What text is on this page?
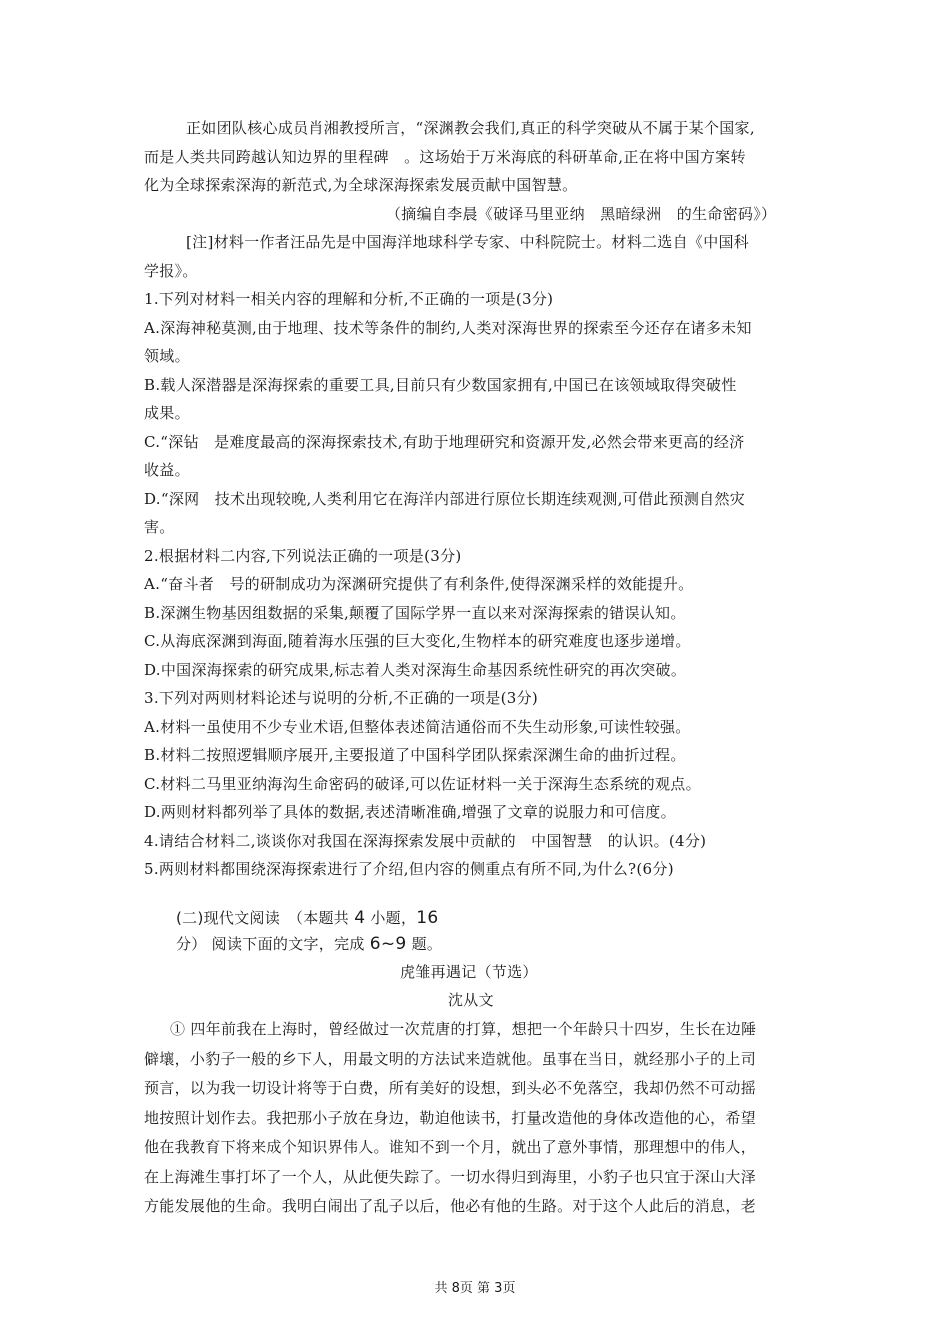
正如团队核心成员肖湘教授所言，“深渊教会我们,真正的科学突破从不属于某个国家,
而是人类共同跨越认知边界的里程碑　。这场始于万米海底的科研革命,正在将中国方案转
化为全球探索深海的新范式,为全球深海探索发展贡献中国智慧。
（摘编自李晨《破译马里亚纳　黑暗绿洲　的生命密码》）
[注]材料一作者汪品先是中国海洋地球科学专家、中科院院士。材料二选自《中国科
学报》。
1.下列对材料一相关内容的理解和分析,不正确的一项是(3分)
A.深海神秘莫测,由于地理、技术等条件的制约,人类对深海世界的探索至今还存在诸多未知
领域。
B.载人深潜器是深海探索的重要工具,目前只有少数国家拥有,中国已在该领域取得突破性
成果。
C.“深钻　是难度最高的深海探索技术,有助于地理研究和资源开发,必然会带来更高的经济
收益。
D.“深网　技术出现较晚,人类利用它在海洋内部进行原位长期连续观测,可借此预测自然灾
害。
2.根据材料二内容,下列说法正确的一项是(3分)
A.“奋斗者　号的研制成功为深渊研究提供了有利条件,使得深渊采样的效能提升。
B.深渊生物基因组数据的采集,颠覆了国际学界一直以来对深海探索的错误认知。
C.从海底深渊到海面,随着海水压强的巨大变化,生物样本的研究难度也逐步递增。
D.中国深海探索的研究成果,标志着人类对深海生命基因系统性研究的再次突破。
3.下列对两则材料论述与说明的分析,不正确的一项是(3分)
A.材料一虽使用不少专业术语,但整体表述简洁通俗而不失生动形象,可读性较强。
B.材料二按照逻辑顺序展开,主要报道了中国科学团队探索深渊生命的曲折过程。
C.材料二马里亚纳海沟生命密码的破译,可以佐证材料一关于深海生态系统的观点。
D.两则材料都列举了具体的数据,表述清晰准确,增强了文章的说服力和可信度。
4.请结合材料二,谈谈你对我国在深海探索发展中贡献的　中国智慧　的认识。(4分)
5.两则材料都围绕深海探索进行了介绍,但内容的侧重点有所不同,为什么?(6分)
(二)现代文阅读　（本题共 4 小题，16
分） 阅读下面的文字，完成 6~9 题。
虎雏再遇记（节选）
沈从文
① 四年前我在上海时，曾经做过一次荒唐的打算，想把一个年龄只十四岁，生长在边陲
僻壤，小豹子一般的乡下人，用最文明的方法试来造就他。虽事在当日，就经那小子的上司
预言，以为我一切设计将等于白费，所有美好的设想，到头必不免落空，我却仍然不可动摇
地按照计划作去。我把那小子放在身边，勒迫他读书，打量改造他的身体改造他的心，希望
他在我教育下将来成个知识界伟人。谁知不到一个月，就出了意外事情，那理想中的伟人，
在上海滩生事打坏了一个人，从此便失踪了。一切水得归到海里，小豹子也只宜于深山大泽
方能发展他的生命。我明白闹出了乱子以后，他必有他的生路。对于这个人此后的消息，老
共 8页 第 3页
